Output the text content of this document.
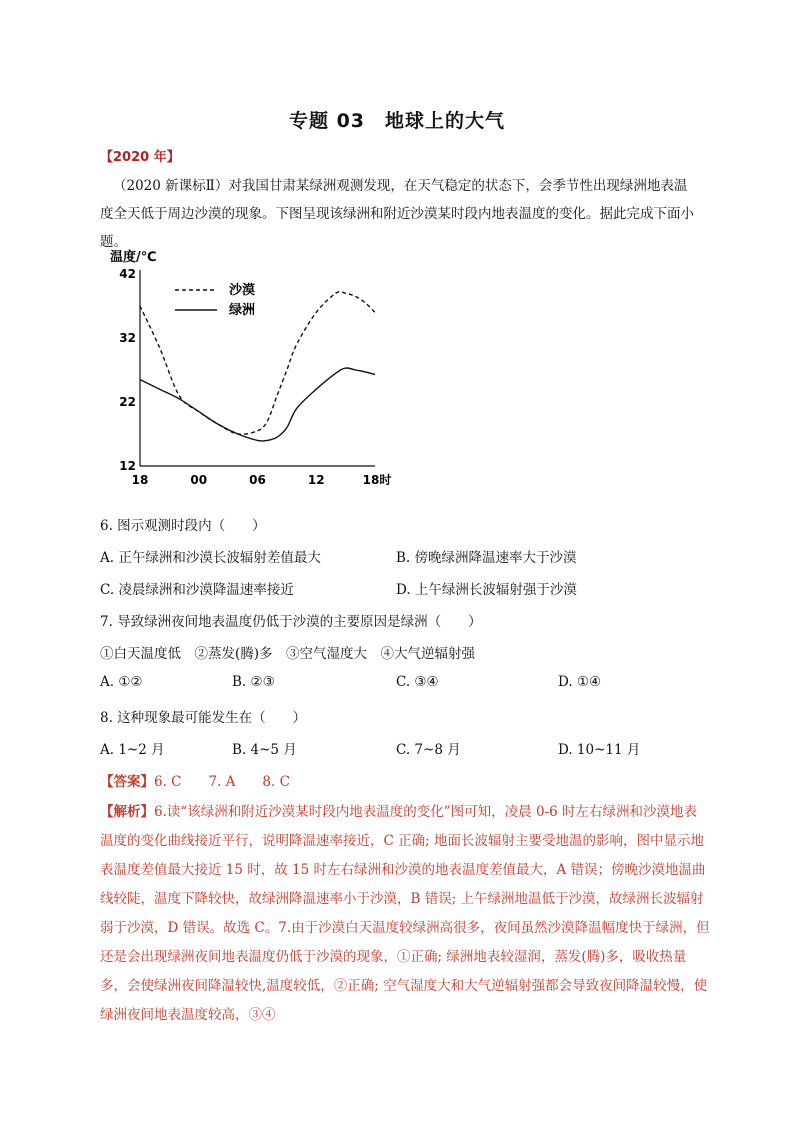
专题 03　地球上的大气
【2020 年】
（2020 新课标Ⅱ）对我国甘肃某绿洲观测发现，在天气稳定的状态下，会季节性出现绿洲地表温度全天低于周边沙漠的现象。下图呈现该绿洲和附近沙漠某时段内地表温度的变化。据此完成下面小题。
温度/℃
42
32
22
12
18	00	06	12	18时
沙漠
绿洲
6. 图示观测时段内（　　）
A. 正午绿洲和沙漠长波辐射差值最大	B. 傍晚绿洲降温速率大于沙漠
C. 凌晨绿洲和沙漠降温速率接近	D. 上午绿洲长波辐射强于沙漠
7. 导致绿洲夜间地表温度仍低于沙漠的主要原因是绿洲（　　）
①白天温度低　②蒸发(腾)多　③空气湿度大　④大气逆辐射强
A. ①②	B. ②③	C. ③④	D. ①④
8. 这种现象最可能发生在（　　）
A. 1~2 月	B. 4~5 月	C. 7~8 月	D. 10~11 月
【答案】6. C　　7. A　　8. C
【解析】6.读“该绿洲和附近沙漠某时段内地表温度的变化”图可知，凌晨 0-6 时左右绿洲和沙漠地表温度的变化曲线接近平行，说明降温速率接近，C 正确; 地面长波辐射主要受地温的影响，图中显示地表温度差值最大接近 15 时，故 15 时左右绿洲和沙漠的地表温度差值最大，A 错误；傍晚沙漠地温曲线较陡，温度下降较快，故绿洲降温速率小于沙漠，B 错误; 上午绿洲地温低于沙漠，故绿洲长波辐射弱于沙漠，D 错误。故选 C。7.由于沙漠白天温度较绿洲高很多，夜间虽然沙漠降温幅度快于绿洲，但还是会出现绿洲夜间地表温度仍低于沙漠的现象，①正确; 绿洲地表较湿润，蒸发(腾)多，吸收热量多，会使绿洲夜间降温较快,温度较低，②正确; 空气湿度大和大气逆辐射强都会导致夜间降温较慢，使绿洲夜间地表温度较高，③④
